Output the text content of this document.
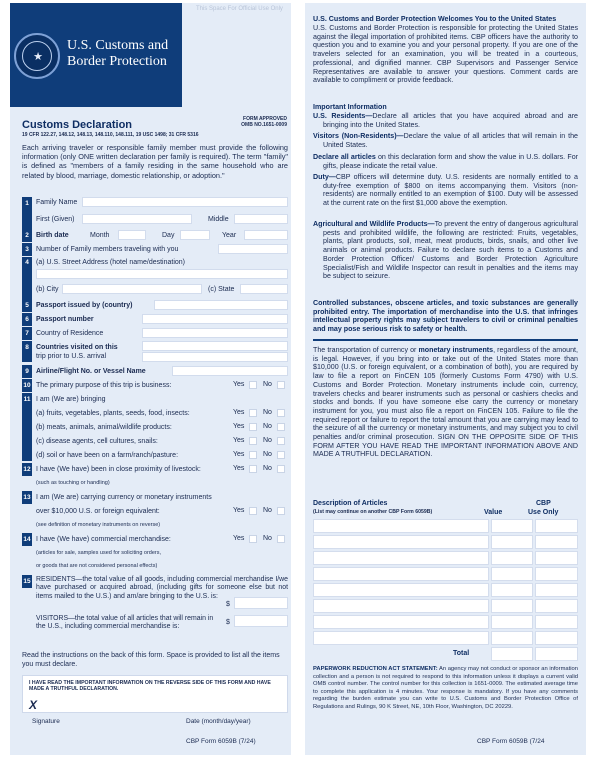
★
U.S. Customs and
Border Protection
This Space For Official Use Only
Customs Declaration	FORM APPROVED
OMB NO.1651-0009
19 CFR 122.27, 148.12, 148.13, 148.110, 148.111, 19 USC 1498; 31 CFR 5316
Each arriving traveler or responsible family member must provide the following information (only ONE written declaration per family is required). The term "family" is defined as "members of a family residing in the same household who are related by blood, marriage, domestic relationship, or adoption."
1	Family Name
First (Given)	Middle
2	Birth date	Month	Day	Year
3	Number of Family members traveling with you
4	(a) U.S. Street Address (hotel name/destination)
(b) City	(c) State
5	Passport issued by (country)
6	Passport number
7	Country of Residence
8	Countries visited on this
trip prior to U.S. arrival
9	Airline/Flight No. or Vessel Name
10 The primary purpose of this trip is business:	Yes	No
11 I am (We are) bringing
(a) fruits, vegetables, plants, seeds, food, insects:	Yes	No
(b) meats, animals, animal/wildlife products:	Yes	No
(c) disease agents, cell cultures, snails:	Yes	No
(d) soil or have been on a farm/ranch/pasture:	Yes	No
12 I have (We have) been in close proximity of livestock:	Yes	No
(such as touching or handling)
13 I am (We are) carrying currency or monetary instruments
over $10,000 U.S. or foreign equivalent:	Yes	No
(see definition of monetary instruments on reverse)
14 I have (We have) commercial merchandise:	Yes	No
(articles for sale, samples used for soliciting orders,
or goods that are not considered personal effects)
15 RESIDENTS—the total value of all goods, including commercial merchandise I/we have purchased or acquired abroad, (including gifts for someone else but not items mailed to the U.S.) and am/are bringing to the U.S. is:
VISITORS—the total value of all articles that will remain in the U.S., including commercial merchandise is:
$
$
Read the instructions on the back of this form. Space is provided to list all the items you must declare.
I HAVE READ THE IMPORTANT INFORMATION ON THE REVERSE SIDE OF THIS FORM AND HAVE MADE A TRUTHFUL DECLARATION.
X
Signature	Date (month/day/year)
CBP Form 6059B (7/24)
U.S. Customs and Border Protection Welcomes You to the United States
U.S. Customs and Border Protection is responsible for protecting the United States against the illegal importation of prohibited items. CBP officers have the authority to question you and to examine you and your personal property. If you are one of the travelers selected for an examination, you will be treated in a courteous, professional, and dignified manner. CBP Supervisors and Passenger Service Representatives are available to answer your questions. Comment cards are available to compliment or provide feedback.
Important Information
U.S. Residents—Declare all articles that you have acquired abroad and are bringing into the United States.
Visitors (Non-Residents)—Declare the value of all articles that will remain in the United States.
Declare all articles on this declaration form and show the value in U.S. dollars. For gifts, please indicate the retail value.
Duty—CBP officers will determine duty. U.S. residents are normally entitled to a duty-free exemption of $800 on items accompanying them. Visitors (non-residents) are normally entitled to an exemption of $100. Duty will be assessed at the current rate on the first $1,000 above the exemption.
Agricultural and Wildlife Products—To prevent the entry of dangerous agricultural pests and prohibited wildlife, the following are restricted: Fruits, vegetables, plants, plant products, soil, meat, meat products, birds, snails, and other live animals or animal products. Failure to declare such items to a Customs and Border Protection Officer/ Customs and Border Protection Agriculture Specialist/Fish and Wildlife Inspector can result in penalties and the items may be subject to seizure.
Controlled substances, obscene articles, and toxic substances are generally prohibited entry. The importation of merchandise into the U.S. that infringes intellectual property rights may subject travelers to civil or criminal penalties and may pose serious risk to safety or health.
The transportation of currency or monetary instruments, regardless of the amount, is legal. However, if you bring into or take out of the United States more than $10,000 (U.S. or foreign equivalent, or a combination of both), you are required by law to file a report on FinCEN 105 (formerly Customs Form 4790) with U.S. Customs and Border Protection. Monetary instruments include coin, currency, travelers checks and bearer instruments such as personal or cashiers checks and stocks and bonds. If you have someone else carry the currency or monetary instrument for you, you must also file a report on FinCEN 105. Failure to file the required report or failure to report the total amount that you are carrying may lead to the seizure of all the currency or monetary instruments, and may subject you to civil penalties and/or criminal prosecution. SIGN ON THE OPPOSITE SIDE OF THIS FORM AFTER YOU HAVE READ THE IMPORTANT INFORMATION ABOVE AND MADE A TRUTHFUL DECLARATION.
Description of Articles
(List may continue on another CBP Form 6059B)	Value
CBP
Use Only
Total
PAPERWORK REDUCTION ACT STATEMENT: An agency may not conduct or sponsor an information collection and a person is not required to respond to this information unless it displays a current valid OMB control number. The control number for this collection is 1651-0009. The estimated average time to complete this application is 4 minutes. Your response is mandatory. If you have any comments regarding the burden estimate you can write to U.S. Customs and Border Protection Office of Regulations and Rulings, 90 K Street, NE, 10th Floor, Washington, DC 20229.
CBP Form 6059B (7/24
